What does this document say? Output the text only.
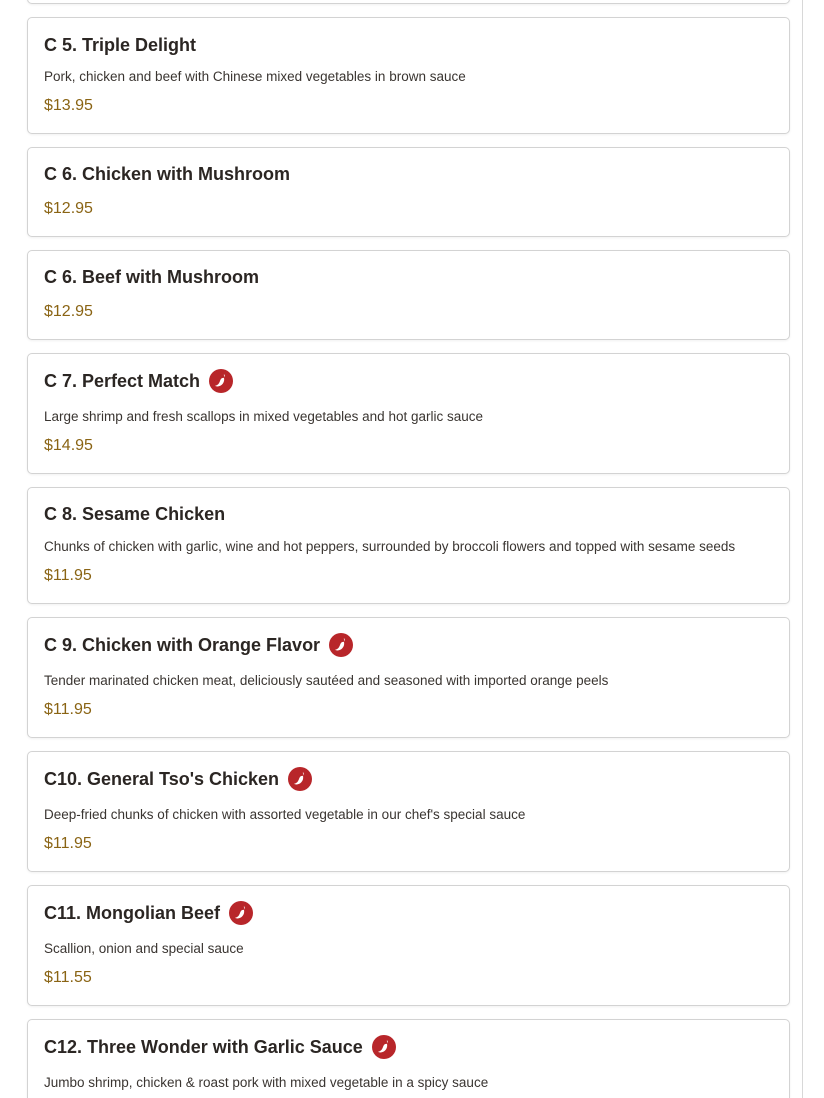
C 5. Triple Delight

Pork, chicken and beef with Chinese mixed vegetables in brown sauce

$13.95

C 6. Chicken with Mushroom

$12.95

C 6. Beef with Mushroom

$12.95

C 7. Perfect Match

Large shrimp and fresh scallops in mixed vegetables and hot garlic sauce

$14.95

C 8. Sesame Chicken

Chunks of chicken with garlic, wine and hot peppers, surrounded by broccoli flowers and topped with sesame seeds

$11.95

C 9. Chicken with Orange Flavor

Tender marinated chicken meat, deliciously sautéed and seasoned with imported orange peels

$11.95

C10. General Tso's Chicken

Deep-fried chunks of chicken with assorted vegetable in our chef's special sauce

$11.95

C11. Mongolian Beef

Scallion, onion and special sauce

$11.55

C12. Three Wonder with Garlic Sauce

Jumbo shrimp, chicken & roast pork with mixed vegetable in a spicy sauce
